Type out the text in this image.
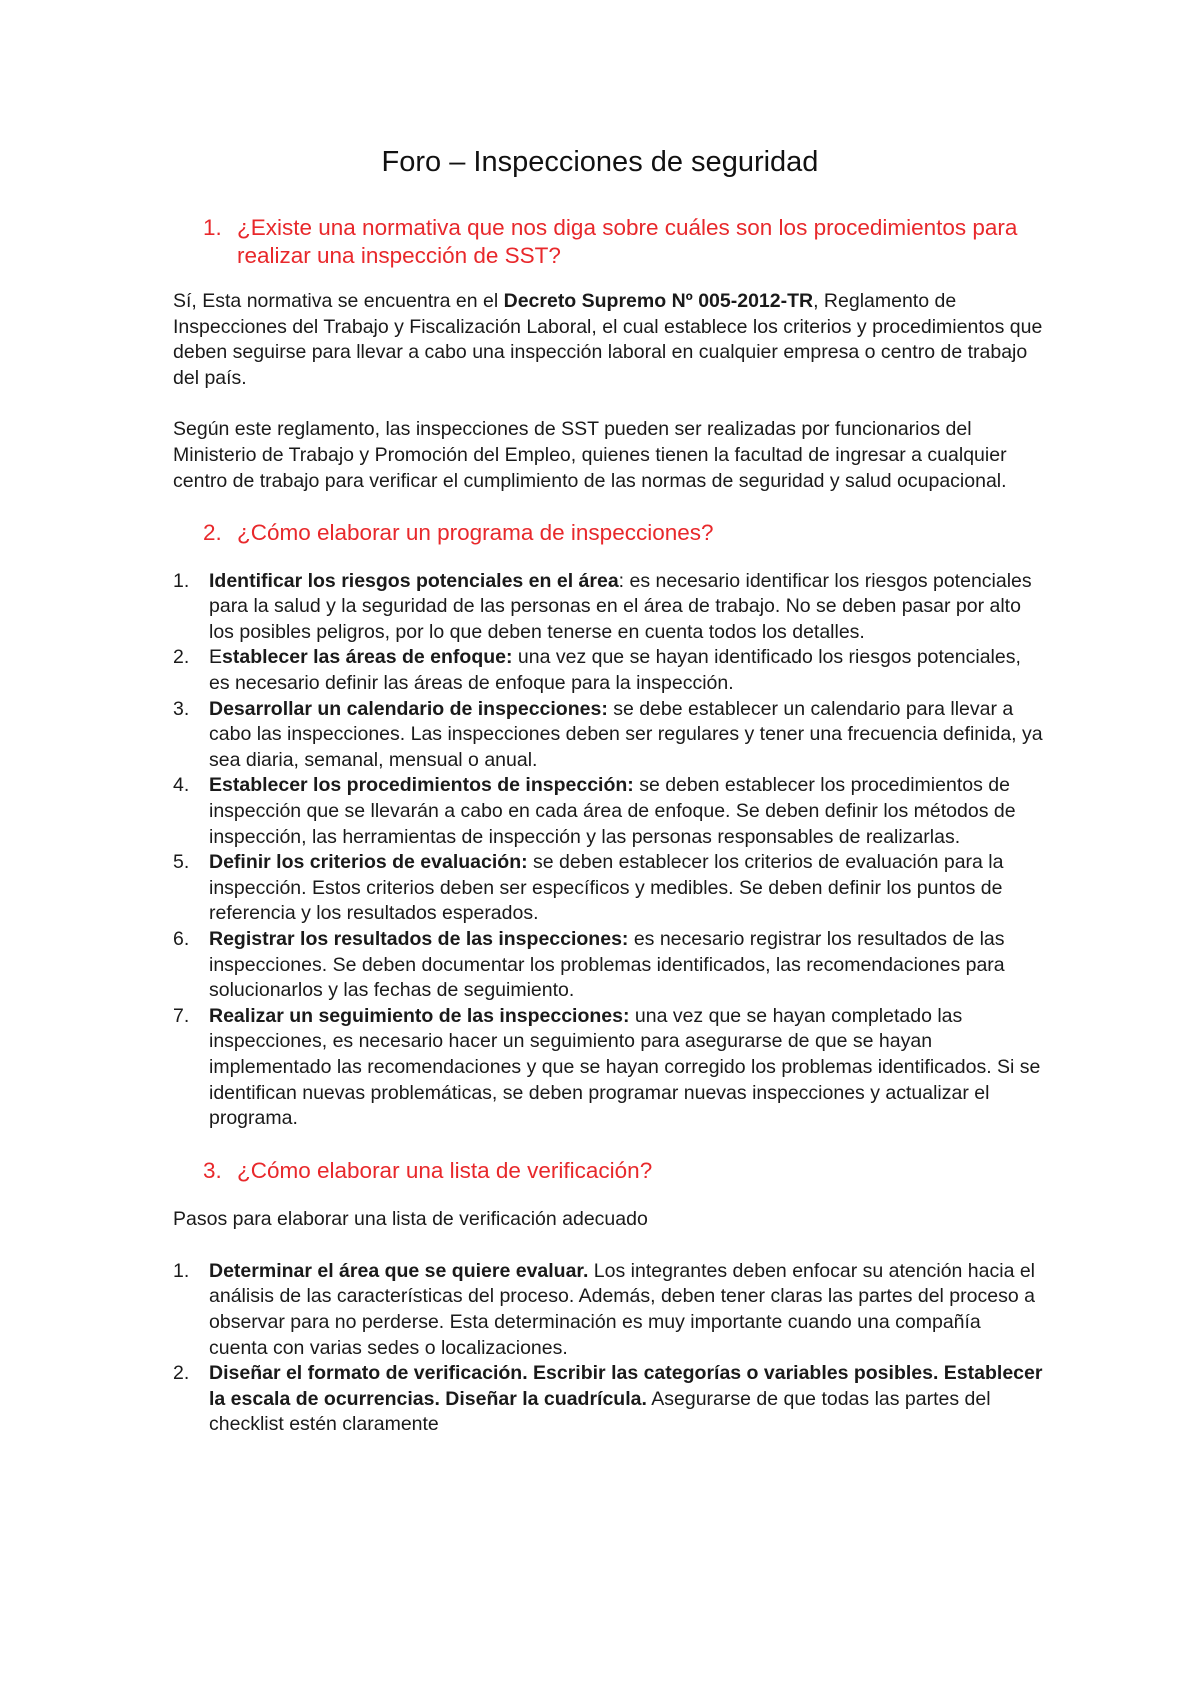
Foro – Inspecciones de seguridad
1. ¿Existe una normativa que nos diga sobre cuáles son los procedimientos para realizar una inspección de SST?

Sí, Esta normativa se encuentra en el Decreto Supremo Nº 005-2012-TR, Reglamento de Inspecciones del Trabajo y Fiscalización Laboral, el cual establece los criterios y procedimientos que deben seguirse para llevar a cabo una inspección laboral en cualquier empresa o centro de trabajo del país.

Según este reglamento, las inspecciones de SST pueden ser realizadas por funcionarios del Ministerio de Trabajo y Promoción del Empleo, quienes tienen la facultad de ingresar a cualquier centro de trabajo para verificar el cumplimiento de las normas de seguridad y salud ocupacional.

2. ¿Cómo elaborar un programa de inspecciones?
1. Identificar los riesgos potenciales en el área: es necesario identificar los riesgos potenciales para la salud y la seguridad de las personas en el área de trabajo. No se deben pasar por alto los posibles peligros, por lo que deben tenerse en cuenta todos los detalles.
2. Establecer las áreas de enfoque: una vez que se hayan identificado los riesgos potenciales, es necesario definir las áreas de enfoque para la inspección.
3. Desarrollar un calendario de inspecciones: se debe establecer un calendario para llevar a cabo las inspecciones. Las inspecciones deben ser regulares y tener una frecuencia definida, ya sea diaria, semanal, mensual o anual.
4. Establecer los procedimientos de inspección: se deben establecer los procedimientos de inspección que se llevarán a cabo en cada área de enfoque. Se deben definir los métodos de inspección, las herramientas de inspección y las personas responsables de realizarlas.
5. Definir los criterios de evaluación: se deben establecer los criterios de evaluación para la inspección. Estos criterios deben ser específicos y medibles. Se deben definir los puntos de referencia y los resultados esperados.
6. Registrar los resultados de las inspecciones: es necesario registrar los resultados de las inspecciones. Se deben documentar los problemas identificados, las recomendaciones para solucionarlos y las fechas de seguimiento.
7. Realizar un seguimiento de las inspecciones: una vez que se hayan completado las inspecciones, es necesario hacer un seguimiento para asegurarse de que se hayan implementado las recomendaciones y que se hayan corregido los problemas identificados. Si se identifican nuevas problemáticas, se deben programar nuevas inspecciones y actualizar el programa.
3. ¿Cómo elaborar una lista de verificación?

Pasos para elaborar una lista de verificación adecuado

1. Determinar el área que se quiere evaluar. Los integrantes deben enfocar su atención hacia el análisis de las características del proceso. Además, deben tener claras las partes del proceso a observar para no perderse. Esta determinación es muy importante cuando una compañía cuenta con varias sedes o localizaciones.
2. Diseñar el formato de verificación. Escribir las categorías o variables posibles. Establecer la escala de ocurrencias. Diseñar la cuadrícula. Asegurarse de que todas las partes del checklist estén claramente
